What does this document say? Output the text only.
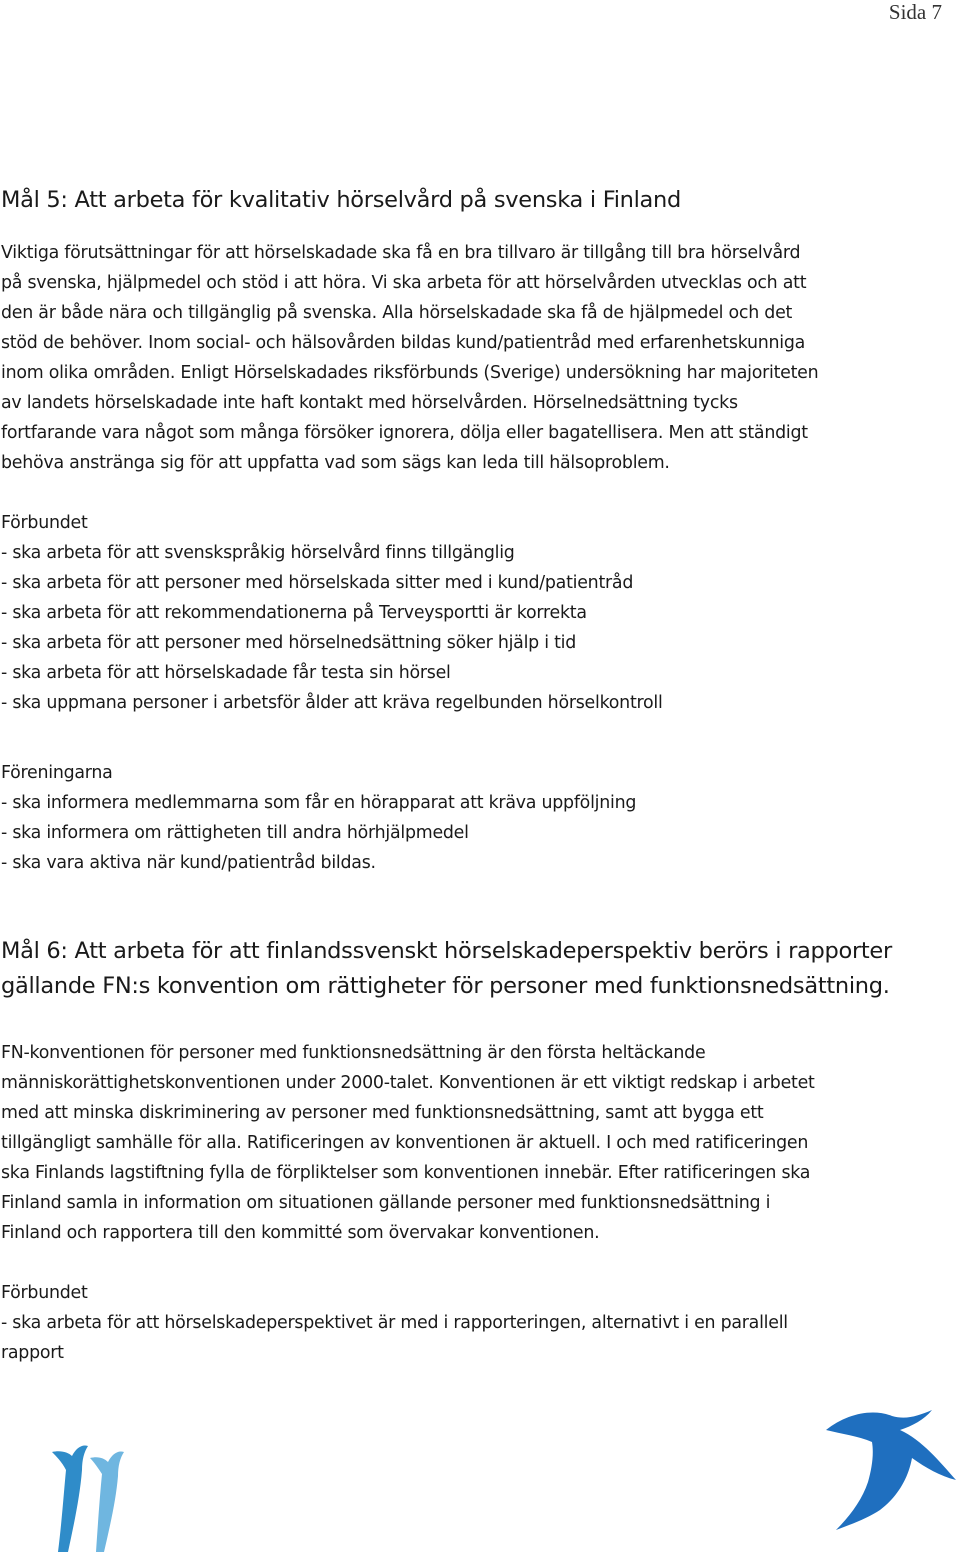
Sida 7
Mål 5: Att arbeta för kvalitativ hörselvård på svenska i Finland

Viktiga förutsättningar för att hörselskadade ska få en bra tillvaro är tillgång till bra hörselvård

på svenska, hjälpmedel och stöd i att höra. Vi ska arbeta för att hörselvården utvecklas och att

den är både nära och tillgänglig på svenska. Alla hörselskadade ska få de hjälpmedel och det

stöd de behöver. Inom social- och hälsovården bildas kund/patientråd med erfarenhetskunniga

inom olika områden. Enligt Hörselskadades riksförbunds (Sverige) undersökning har majoriteten

av landets hörselskadade inte haft kontakt med hörselvården. Hörselnedsättning tycks

fortfarande vara något som många försöker ignorera, dölja eller bagatellisera. Men att ständigt

behöva anstränga sig för att uppfatta vad som sägs kan leda till hälsoproblem.

Förbundet

- ska arbeta för att svenskspråkig hörselvård finns tillgänglig
- ska arbeta för att personer med hörselskada sitter med i kund/patientråd
- ska arbeta för att rekommendationerna på Terveysportti är korrekta
- ska arbeta för att personer med hörselnedsättning söker hjälp i tid
- ska arbeta för att hörselskadade får testa sin hörsel
- ska uppmana personer i arbetsför ålder att kräva regelbunden hörselkontroll

Föreningarna

- ska informera medlemmarna som får en hörapparat att kräva uppföljning
- ska informera om rättigheten till andra hörhjälpmedel
- ska vara aktiva när kund/patientråd bildas.
Mål 6: Att arbeta för att finlandssvenskt hörselskadeperspektiv berörs i rapporter
gällande FN:s konvention om rättigheter för personer med funktionsnedsättning.

FN-konventionen för personer med funktionsnedsättning är den första heltäckande

människorättighetskonventionen under 2000-talet. Konventionen är ett viktigt redskap i arbetet

med att minska diskriminering av personer med funktionsnedsättning, samt att bygga ett

tillgängligt samhälle för alla. Ratificeringen av konventionen är aktuell. I och med ratificeringen

ska Finlands lagstiftning fylla de förpliktelser som konventionen innebär. Efter ratificeringen ska

Finland samla in information om situationen gällande personer med funktionsnedsättning i

Finland och rapportera till den kommitté som övervakar konventionen.

Förbundet

- ska arbeta för att hörselskadeperspektivet är med i rapporteringen, alternativt i en parallell

rapport
